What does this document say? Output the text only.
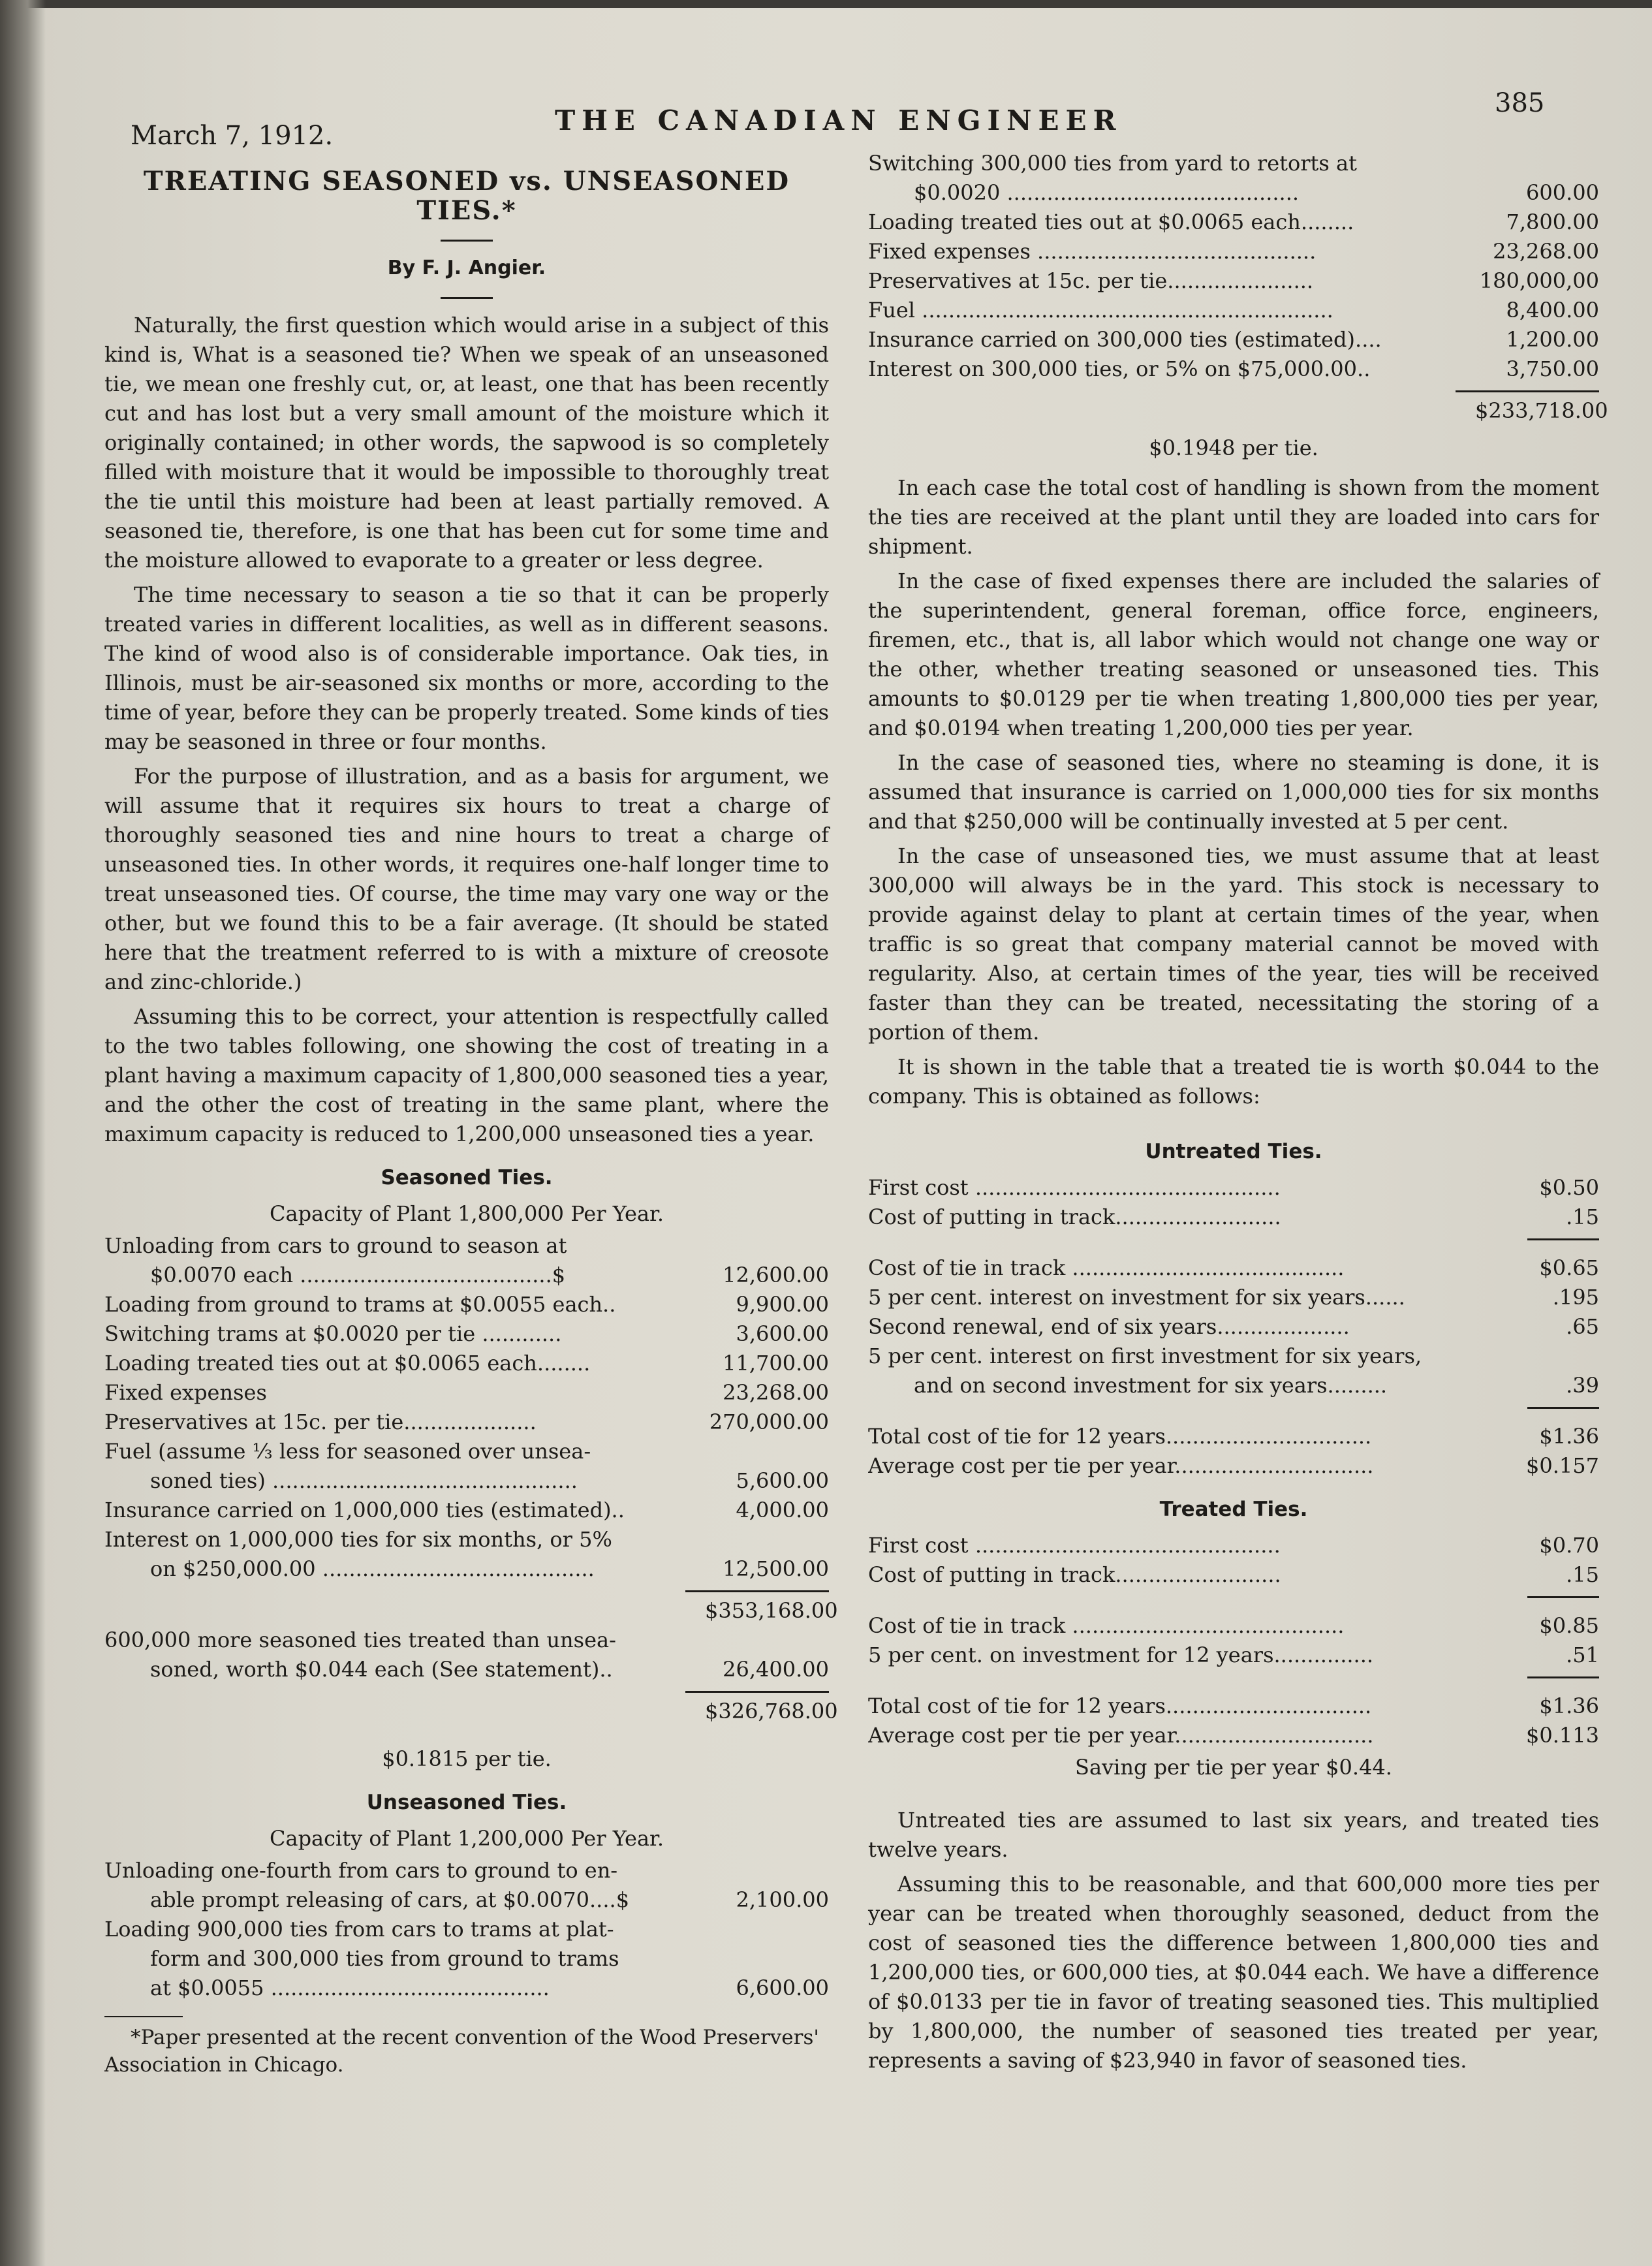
March 7, 1912.	THE CANADIAN ENGINEER
385
TREATING SEASONED vs. UNSEASONED TIES.*
By F. J. Angier.

Naturally, the first question which would arise in a subject of this kind is, What is a seasoned tie? When we speak of an unseasoned tie, we mean one freshly cut, or, at least, one that has been recently cut and has lost but a very small amount of the moisture which it originally contained; in other words, the sapwood is so completely filled with moisture that it would be impossible to thoroughly treat the tie until this moisture had been at least partially removed. A seasoned tie, therefore, is one that has been cut for some time and the moisture allowed to evaporate to a greater or less degree.

The time necessary to season a tie so that it can be properly treated varies in different localities, as well as in different seasons. The kind of wood also is of considerable importance. Oak ties, in Illinois, must be air-seasoned six months or more, according to the time of year, before they can be properly treated. Some kinds of ties may be seasoned in three or four months.

For the purpose of illustration, and as a basis for argument, we will assume that it requires six hours to treat a charge of thoroughly seasoned ties and nine hours to treat a charge of unseasoned ties. In other words, it requires one-half longer time to treat unseasoned ties. Of course, the time may vary one way or the other, but we found this to be a fair average. (It should be stated here that the treatment referred to is with a mixture of creosote and zinc-chloride.)

Assuming this to be correct, your attention is respectfully called to the two tables following, one showing the cost of treating in a plant having a maximum capacity of 1,800,000 seasoned ties a year, and the other the cost of treating in the same plant, where the maximum capacity is reduced to 1,200,000 unseasoned ties a year.

Seasoned Ties.
Capacity of Plant 1,800,000 Per Year.
Unloading from cars to ground to season at
$0.0070 each ......................................$	12,600.00
Loading from ground to trams at $0.0055 each..	9,900.00
Switching trams at $0.0020 per tie ............	3,600.00
Loading treated ties out at $0.0065 each........	11,700.00
Fixed expenses	23,268.00
Preservatives at 15c. per tie....................	270,000.00
Fuel (assume ⅓ less for seasoned over unsea-
soned ties) ..............................................	5,600.00
Insurance carried on 1,000,000 ties (estimated)..	4,000.00
Interest on 1,000,000 ties for six months, or 5%
on $250,000.00 .........................................	12,500.00
$353,168.00
600,000 more seasoned ties treated than unsea-
soned, worth $0.044 each (See statement)..	26,400.00
$326,768.00
$0.1815 per tie.
Unseasoned Ties.
Capacity of Plant 1,200,000 Per Year.
Unloading one-fourth from cars to ground to en-
able prompt releasing of cars, at $0.0070....$	2,100.00
Loading 900,000 ties from cars to trams at plat-
form and 300,000 ties from ground to trams
at $0.0055 ..........................................	6,600.00

*Paper presented at the recent convention of the Wood Preservers' Association in Chicago.

Switching 300,000 ties from yard to retorts at
$0.0020 ............................................	600.00
Loading treated ties out at $0.0065 each........	7,800.00
Fixed expenses ..........................................	23,268.00
Preservatives at 15c. per tie......................	180,000,00
Fuel ..............................................................	8,400.00
Insurance carried on 300,000 ties (estimated)....	1,200.00
Interest on 300,000 ties, or 5% on $75,000.00..	3,750.00
$233,718.00
$0.1948 per tie.

In each case the total cost of handling is shown from the moment the ties are received at the plant until they are loaded into cars for shipment.

In the case of fixed expenses there are included the salaries of the superintendent, general foreman, office force, engineers, firemen, etc., that is, all labor which would not change one way or the other, whether treating seasoned or unseasoned ties. This amounts to $0.0129 per tie when treating 1,800,000 ties per year, and $0.0194 when treating 1,200,000 ties per year.

In the case of seasoned ties, where no steaming is done, it is assumed that insurance is carried on 1,000,000 ties for six months and that $250,000 will be continually invested at 5 per cent.

In the case of unseasoned ties, we must assume that at least 300,000 will always be in the yard. This stock is necessary to provide against delay to plant at certain times of the year, when traffic is so great that company material cannot be moved with regularity. Also, at certain times of the year, ties will be received faster than they can be treated, necessitating the storing of a portion of them.

It is shown in the table that a treated tie is worth $0.044 to the company. This is obtained as follows:

Untreated Ties.
First cost ..............................................	$0.50
Cost of putting in track.........................	.15
Cost of tie in track .........................................	$0.65
5 per cent. interest on investment for six years......	.195
Second renewal, end of six years....................	.65
5 per cent. interest on first investment for six years,
and on second investment for six years.........	.39
Total cost of tie for 12 years...............................	$1.36
Average cost per tie per year..............................	$0.157
Treated Ties.
First cost ..............................................	$0.70
Cost of putting in track.........................	.15
Cost of tie in track .........................................	$0.85
5 per cent. on investment for 12 years...............	.51
Total cost of tie for 12 years...............................	$1.36
Average cost per tie per year..............................	$0.113
Saving per tie per year $0.44.

Untreated ties are assumed to last six years, and treated ties twelve years.

Assuming this to be reasonable, and that 600,000 more ties per year can be treated when thoroughly seasoned, deduct from the cost of seasoned ties the difference between 1,800,000 ties and 1,200,000 ties, or 600,000 ties, at $0.044 each. We have a difference of $0.0133 per tie in favor of treating seasoned ties. This multiplied by 1,800,000, the number of seasoned ties treated per year, represents a saving of $23,940 in favor of seasoned ties.
